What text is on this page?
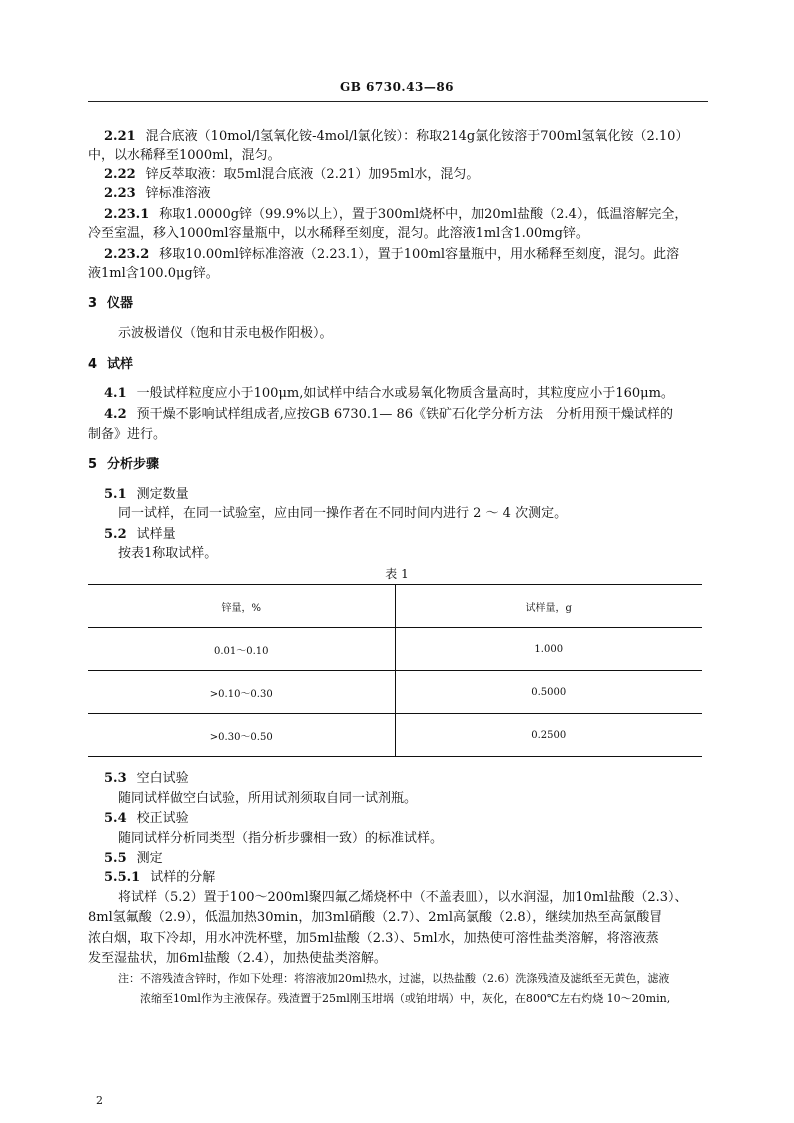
GB 6730.43—86
2.21 混合底液（10mol/l氢氧化铵-4mol/l氯化铵）：称取214g氯化铵溶于700ml氢氧化铵（2.10）
中，以水稀释至1000ml，混匀。
2.22 锌反萃取液：取5ml混合底液（2.21）加95ml水，混匀。
2.23 锌标准溶液
2.23.1 称取1.0000g锌（99.9%以上），置于300ml烧杯中，加20ml盐酸（2.4），低温溶解完全，
冷至室温，移入1000ml容量瓶中，以水稀释至刻度，混匀。此溶液1ml含1.00mg锌。
2.23.2 移取10.00ml锌标准溶液（2.23.1），置于100ml容量瓶中，用水稀释至刻度，混匀。此溶
液1ml含100.0μg锌。
3 仪器
示波极谱仪（饱和甘汞电极作阳极）。
4 试样
4.1 一般试样粒度应小于100μm,如试样中结合水或易氧化物质含量高时，其粒度应小于160μm。
4.2 预干燥不影响试样组成者,应按GB 6730.1— 86《铁矿石化学分析方法　分析用预干燥试样的
制备》进行。
5 分析步骤
5.1 测定数量
同一试样，在同一试验室，应由同一操作者在不同时间内进行 2 ～ 4 次测定。
5.2 试样量
按表1称取试样。
表 1
锌量，%	试样量，g
0.01～0.10	1.000
>0.10～0.30	0.5000
>0.30～0.50	0.2500
5.3 空白试验
随同试样做空白试验，所用试剂须取自同一试剂瓶。
5.4 校正试验
随同试样分析同类型（指分析步骤相一致）的标准试样。
5.5 测定
5.5.1 试样的分解
将试样（5.2）置于100～200ml聚四氟乙烯烧杯中（不盖表皿），以水润湿，加10ml盐酸（2.3）、
8ml氢氟酸（2.9），低温加热30min，加3ml硝酸（2.7）、2ml高氯酸（2.8），继续加热至高氯酸冒
浓白烟，取下冷却，用水冲洗杯壁，加5ml盐酸（2.3）、5ml水，加热使可溶性盐类溶解，将溶液蒸
发至湿盐状，加6ml盐酸（2.4），加热使盐类溶解。
注：不溶残渣含锌时，作如下处理：将溶液加20ml热水，过滤，以热盐酸（2.6）洗涤残渣及滤纸至无黄色，滤液
浓缩至10ml作为主液保存。残渣置于25ml刚玉坩埚（或铂坩埚）中，灰化，在800℃左右灼烧 10～20min,
2
